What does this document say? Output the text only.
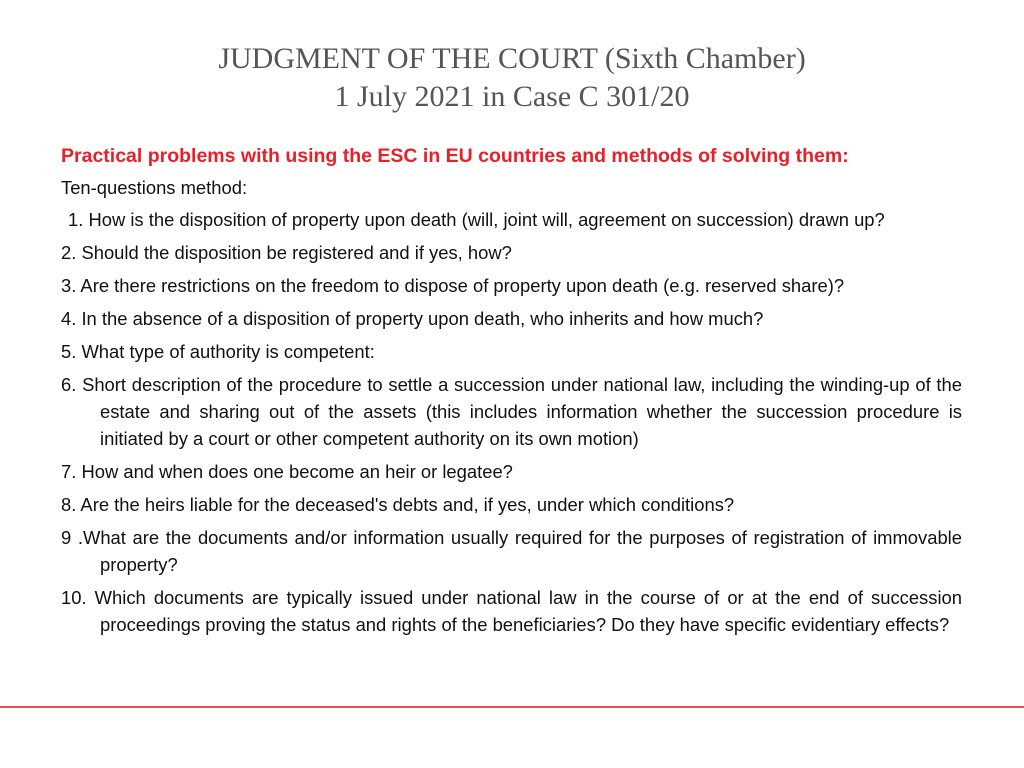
JUDGMENT OF THE COURT (Sixth Chamber)
1 July 2021 in Case C 301/20

Practical problems with using the ESC in EU countries and methods of solving them:

Ten-questions method:

1. How is the disposition of property upon death (will, joint will, agreement on succession) drawn up?

2. Should the disposition be registered and if yes, how?

3. Are there restrictions on the freedom to dispose of property upon death (e.g. reserved share)?

4. In the absence of a disposition of property upon death, who inherits and how much?

5. What type of authority is competent:

6. Short description of the procedure to settle a succession under national law, including the winding-up of the estate and sharing out of the assets (this includes information whether the succession procedure is initiated by a court or other competent authority on its own motion)

7. How and when does one become an heir or legatee?

8. Are the heirs liable for the deceased's debts and, if yes, under which conditions?

9 .What are the documents and/or information usually required for the purposes of registration of immovable property?

10. Which documents are typically issued under national law in the course of or at the end of succession proceedings proving the status and rights of the beneficiaries? Do they have specific evidentiary effects?
